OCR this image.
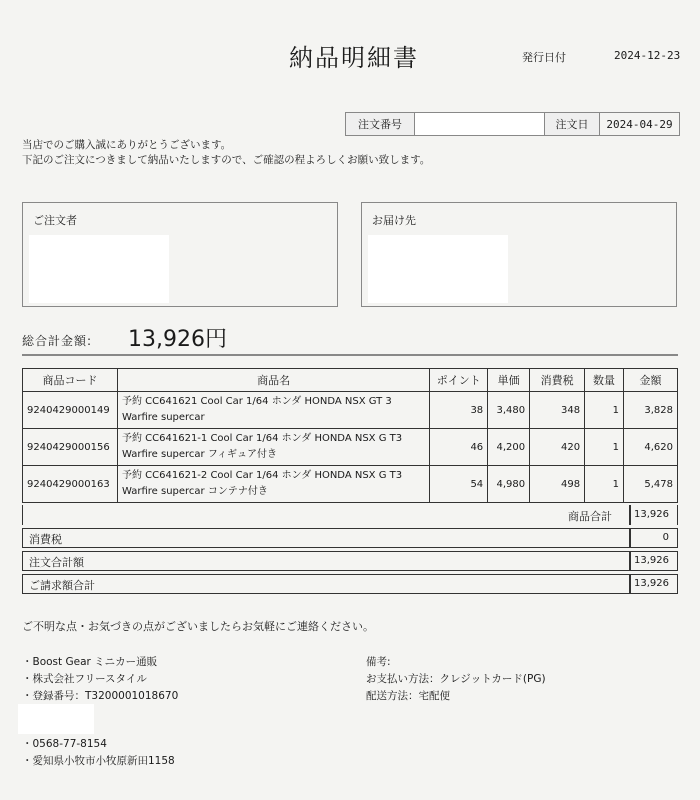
納品明細書	発行日付	2024-12-23
注文番号	注文日	2024-04-29
当店でのご購入誠にありがとうございます。
下記のご注文につきまして納品いたしますので、ご確認の程よろしくお願い致します。
ご注文者	お届け先
総合計金額: 13,926円
商品コード	商品名	ポイント	単価	消費税	数量	金額
9240429000149	予約 CC641621 Cool Car 1/64 ホンダ HONDA NSX GT 3 Warfire supercar	38	3,480	348	1	3,828
9240429000156	予約 CC641621-1 Cool Car 1/64 ホンダ HONDA NSX G T3 Warfire supercar フィギュア付き	46	4,200	420	1	4,620
9240429000163	予約 CC641621-2 Cool Car 1/64 ホンダ HONDA NSX G T3 Warfire supercar コンテナ付き	54	4,980	498	1	5,478
商品合計 13,926
消費税	0
注文合計額	13,926
ご請求額合計	13,926
ご不明な点・お気づきの点がございましたらお気軽にご連絡ください。
・Boost Gear ミニカー通販
・株式会社フリースタイル
・登録番号：T3200001018670
・0568-77-8154
・愛知県小牧市小牧原新田1158
備考:
お支払い方法：クレジットカード(PG)
配送方法：宅配便
